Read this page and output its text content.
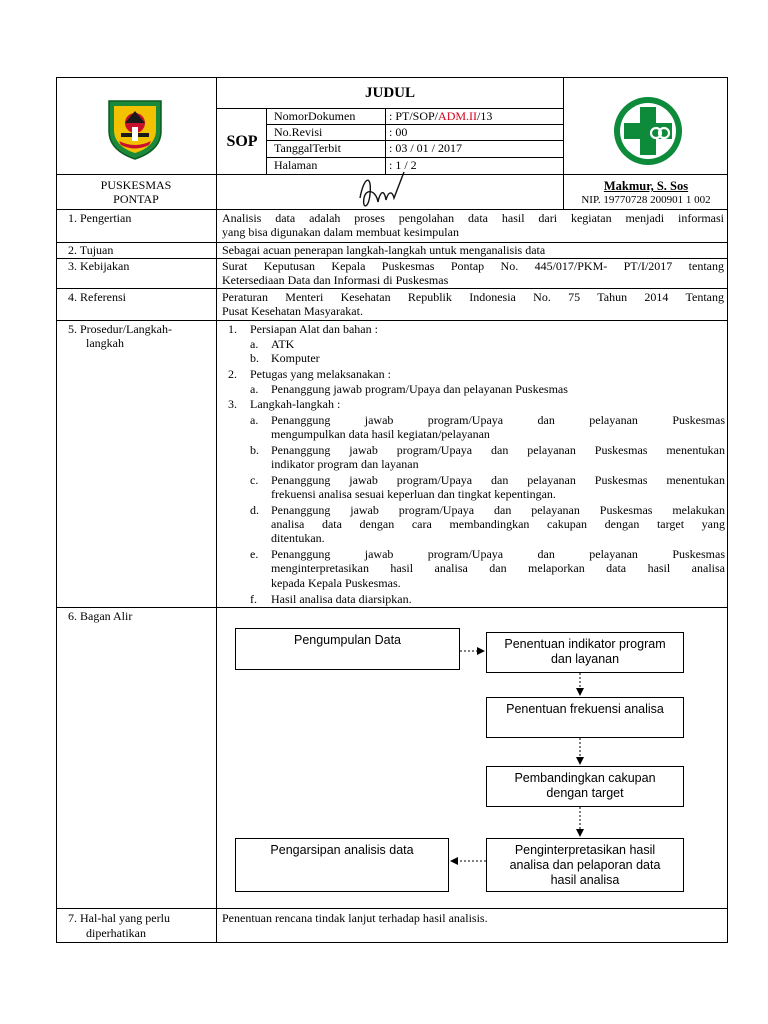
JUDUL
SOP
NomorDokumen	: PT/SOP/ADM.II/13
No.Revisi	: 00
TanggalTerbit	: 03 / 01 / 2017
Halaman	: 1 / 2
PUSKESMAS
PONTAP
Makmur, S. Sos
NIP. 19770728 200901 1 002
1. Pengertian	Analisis data adalah proses pengolahan data hasil dari kegiatan menjadi informasi
yang bisa digunakan dalam membuat kesimpulan
2. Tujuan	Sebagai acuan penerapan langkah-langkah untuk menganalisis data
3. Kebijakan	Surat Keputusan Kepala Puskesmas Pontap No. 445/017/PKM- PT/I/2017 tentang
Ketersediaan Data dan Informasi di Puskesmas
4. Referensi	Peraturan Menteri Kesehatan Republik Indonesia No. 75 Tahun 2014 Tentang
Pusat Kesehatan Masyarakat.
5. Prosedur/Langkah-
langkah
1. Persiapan Alat dan bahan :
a. ATK
b. Komputer
2. Petugas yang melaksanakan :
a. Penanggung jawab program/Upaya dan pelayanan Puskesmas
3. Langkah-langkah :
a. Penanggung jawab program/Upaya dan pelayanan Puskesmas
mengumpulkan data hasil kegiatan/pelayanan
b. Penanggung jawab program/Upaya dan pelayanan Puskesmas menentukan
indikator program dan layanan
c. Penanggung jawab program/Upaya dan pelayanan Puskesmas menentukan
frekuensi analisa sesuai keperluan dan tingkat kepentingan.
d. Penanggung jawab program/Upaya dan pelayanan Puskesmas melakukan
analisa data dengan cara membandingkan cakupan dengan target yang
ditentukan.
e. Penanggung jawab program/Upaya dan pelayanan Puskesmas
menginterpretasikan hasil analisa dan melaporkan data hasil analisa
kepada Kepala Puskesmas.
f. Hasil analisa data diarsipkan.
6. Bagan Alir
Pengumpulan Data	Penentuan indikator program dan layanan
Penentuan frekuensi analisa
Pembandingkan cakupan dengan target
Penginterpretasikan hasil analisa dan pelaporan data hasil analisa
Pengarsipan analisis data
7. Hal-hal yang perlu
diperhatikan
Penentuan rencana tindak lanjut terhadap hasil analisis.
